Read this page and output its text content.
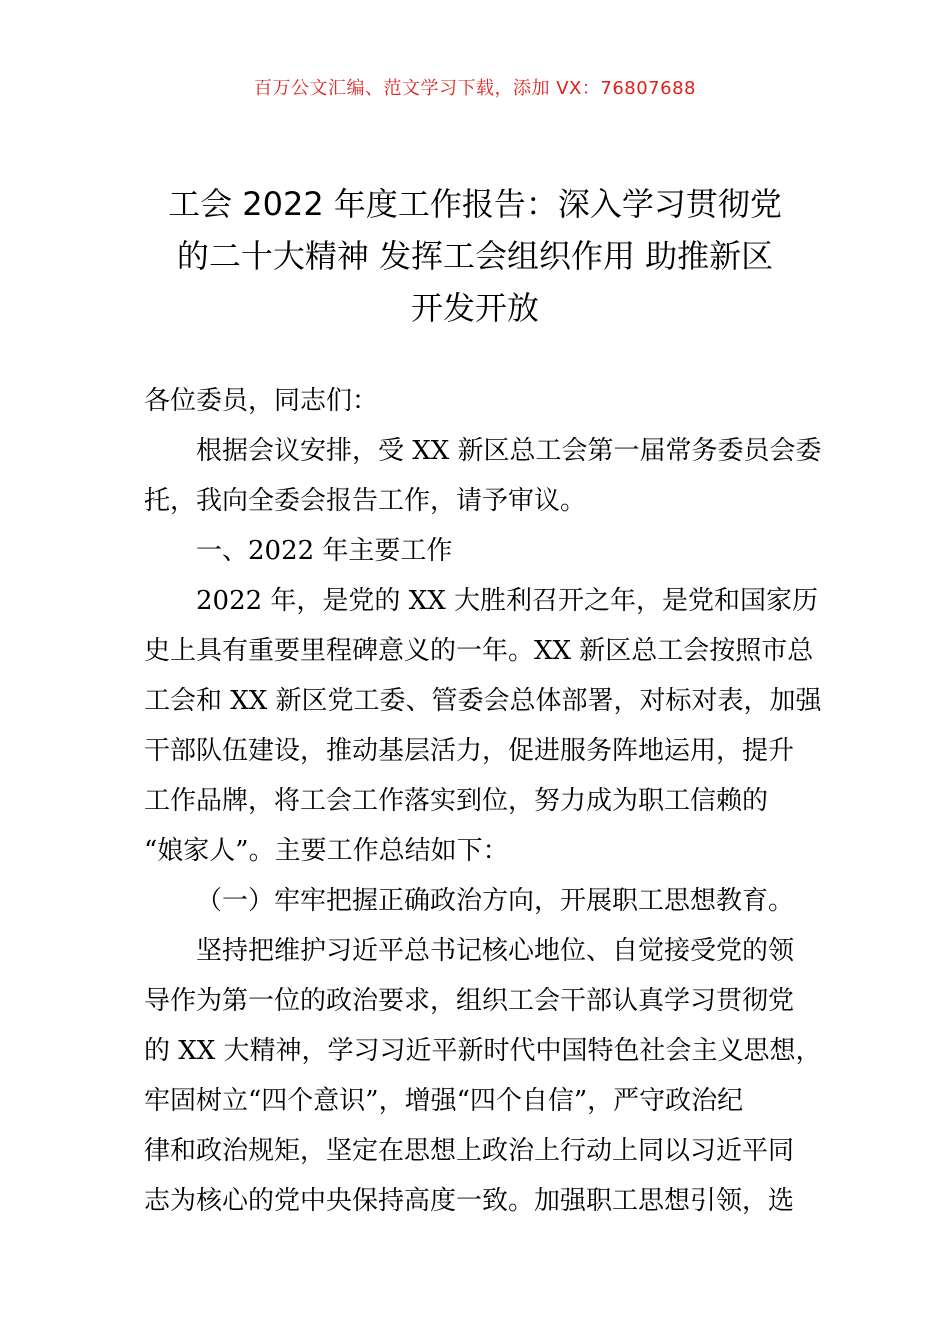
百万公文汇编、范文学习下载，添加 VX：76807688
工会 2022 年度工作报告：深入学习贯彻党
的二十大精神 发挥工会组织作用 助推新区
开发开放

各位委员，同志们：

根据会议安排，受 XX 新区总工会第一届常务委员会委

托，我向全委会报告工作，请予审议。

一、2022 年主要工作

2022 年，是党的 XX 大胜利召开之年，是党和国家历

史上具有重要里程碑意义的一年。XX 新区总工会按照市总

工会和 XX 新区党工委、管委会总体部署，对标对表，加强

干部队伍建设，推动基层活力，促进服务阵地运用，提升

工作品牌，将工会工作落实到位，努力成为职工信赖的

“娘家人”。主要工作总结如下：

（一）牢牢把握正确政治方向，开展职工思想教育。

坚持把维护习近平总书记核心地位、自觉接受党的领

导作为第一位的政治要求，组织工会干部认真学习贯彻党

的 XX 大精神，学习习近平新时代中国特色社会主义思想，

牢固树立“四个意识”，增强“四个自信”，严守政治纪

律和政治规矩，坚定在思想上政治上行动上同以习近平同

志为核心的党中央保持高度一致。加强职工思想引领，选
